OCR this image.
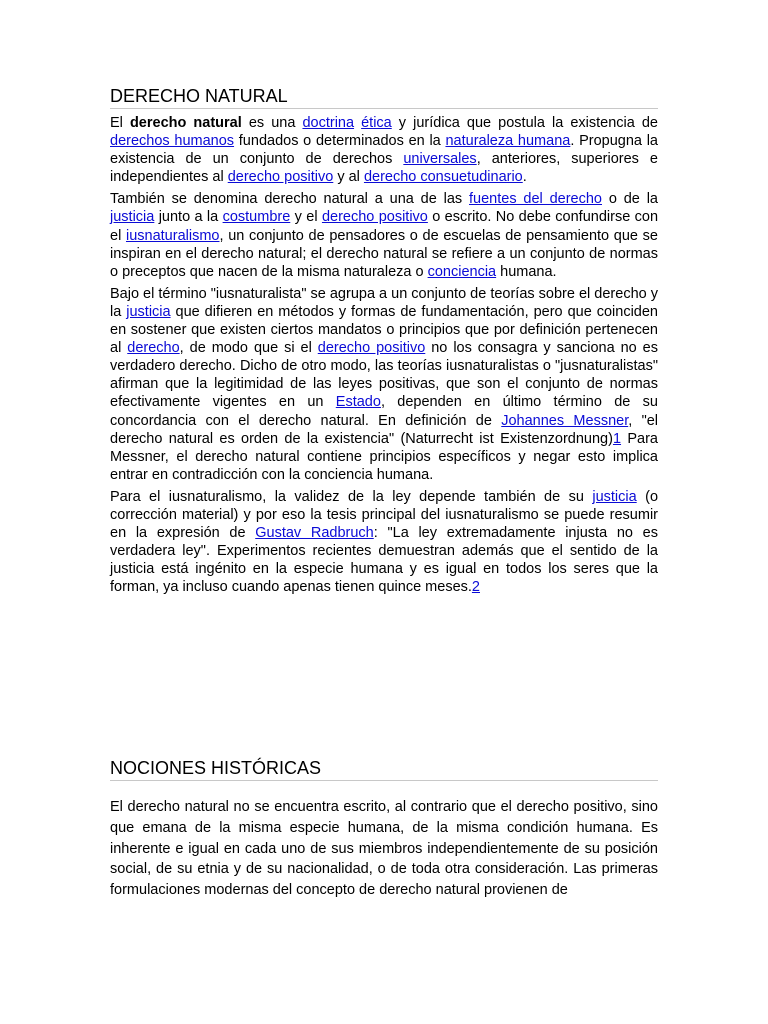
DERECHO NATURAL

El derecho natural es una doctrina ética y jurídica que postula la existencia de derechos humanos fundados o determinados en la naturaleza humana. Propugna la existencia de un conjunto de derechos universales, anteriores, superiores e independientes al derecho positivo y al derecho consuetudinario.

También se denomina derecho natural a una de las fuentes del derecho o de la justicia junto a la costumbre y el derecho positivo o escrito. No debe confundirse con el iusnaturalismo, un conjunto de pensadores o de escuelas de pensamiento que se inspiran en el derecho natural; el derecho natural se refiere a un conjunto de normas o preceptos que nacen de la misma naturaleza o conciencia humana.

Bajo el término "iusnaturalista" se agrupa a un conjunto de teorías sobre el derecho y la justicia que difieren en métodos y formas de fundamentación, pero que coinciden en sostener que existen ciertos mandatos o principios que por definición pertenecen al derecho, de modo que si el derecho positivo no los consagra y sanciona no es verdadero derecho. Dicho de otro modo, las teorías iusnaturalistas o "jusnaturalistas" afirman que la legitimidad de las leyes positivas, que son el conjunto de normas efectivamente vigentes en un Estado, dependen en último término de su concordancia con el derecho natural. En definición de Johannes Messner, "el derecho natural es orden de la existencia" (Naturrecht ist Existenzordnung)1 Para Messner, el derecho natural contiene principios específicos y negar esto implica entrar en contradicción con la conciencia humana.

Para el iusnaturalismo, la validez de la ley depende también de su justicia (o corrección material) y por eso la tesis principal del iusnaturalismo se puede resumir en la expresión de Gustav Radbruch: "La ley extremadamente injusta no es verdadera ley". Experimentos recientes demuestran además que el sentido de la justicia está ingénito en la especie humana y es igual en todos los seres que la forman, ya incluso cuando apenas tienen quince meses.2

NOCIONES HISTÓRICAS

El derecho natural no se encuentra escrito, al contrario que el derecho positivo, sino que emana de la misma especie humana, de la misma condición humana. Es inherente e igual en cada uno de sus miembros independientemente de su posición social, de su etnia y de su nacionalidad, o de toda otra consideración. Las primeras formulaciones modernas del concepto de derecho natural provienen de
